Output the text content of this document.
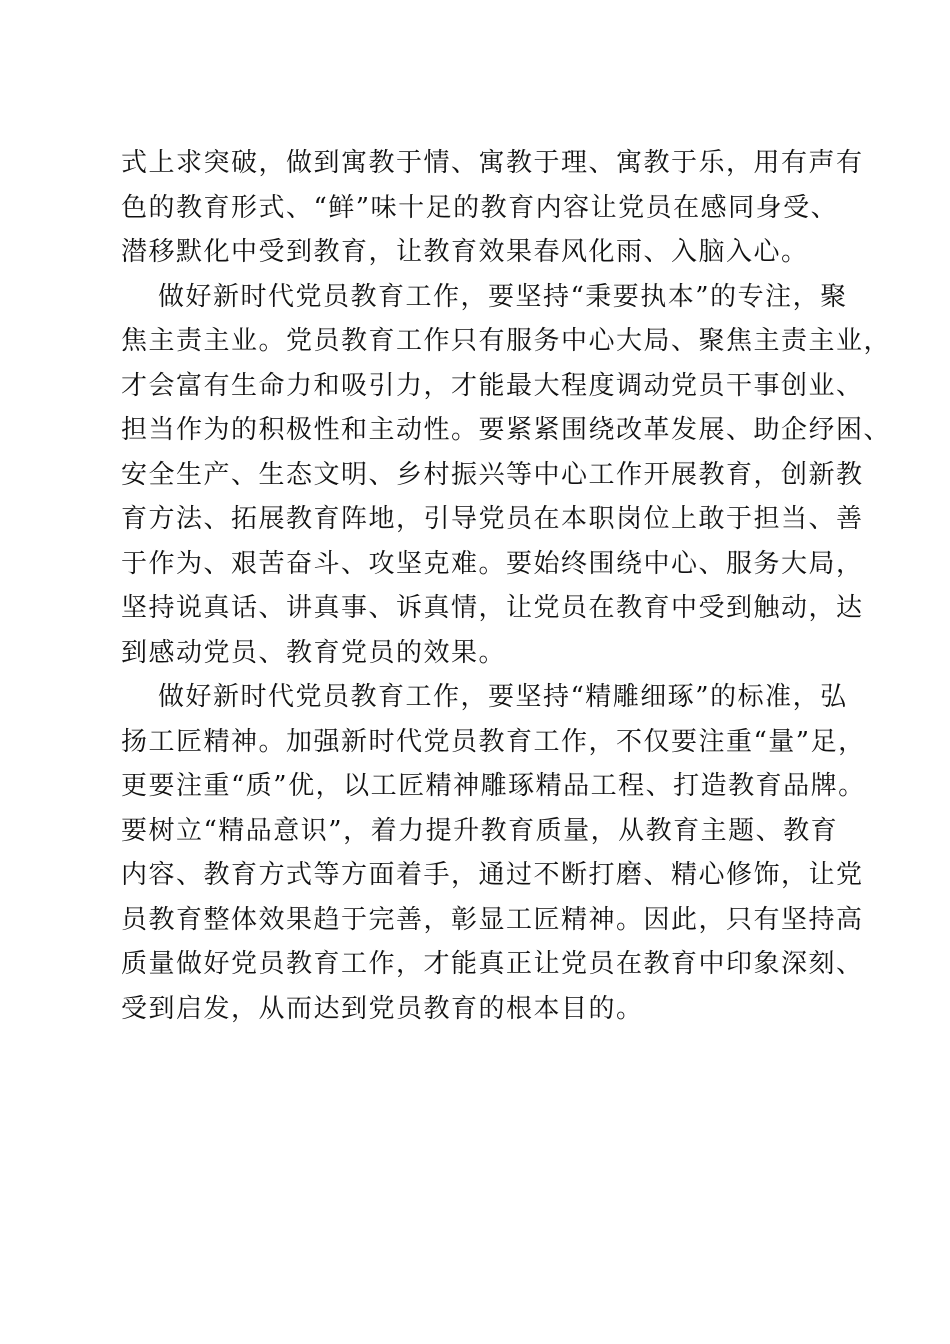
式上求突破，做到寓教于情、寓教于理、寓教于乐，用有声有
色的教育形式、“鲜”味十足的教育内容让党员在感同身受、
潜移默化中受到教育，让教育效果春风化雨、入脑入心。
做好新时代党员教育工作，要坚持“秉要执本”的专注，聚
焦主责主业。党员教育工作只有服务中心大局、聚焦主责主业，
才会富有生命力和吸引力，才能最大程度调动党员干事创业、
担当作为的积极性和主动性。要紧紧围绕改革发展、助企纾困、
安全生产、生态文明、乡村振兴等中心工作开展教育，创新教
育方法、拓展教育阵地，引导党员在本职岗位上敢于担当、善
于作为、艰苦奋斗、攻坚克难。要始终围绕中心、服务大局，
坚持说真话、讲真事、诉真情，让党员在教育中受到触动，达
到感动党员、教育党员的效果。
做好新时代党员教育工作，要坚持“精雕细琢”的标准，弘
扬工匠精神。加强新时代党员教育工作，不仅要注重“量”足，
更要注重“质”优，以工匠精神雕琢精品工程、打造教育品牌。
要树立“精品意识”，着力提升教育质量，从教育主题、教育
内容、教育方式等方面着手，通过不断打磨、精心修饰，让党
员教育整体效果趋于完善，彰显工匠精神。因此，只有坚持高
质量做好党员教育工作，才能真正让党员在教育中印象深刻、
受到启发，从而达到党员教育的根本目的。
